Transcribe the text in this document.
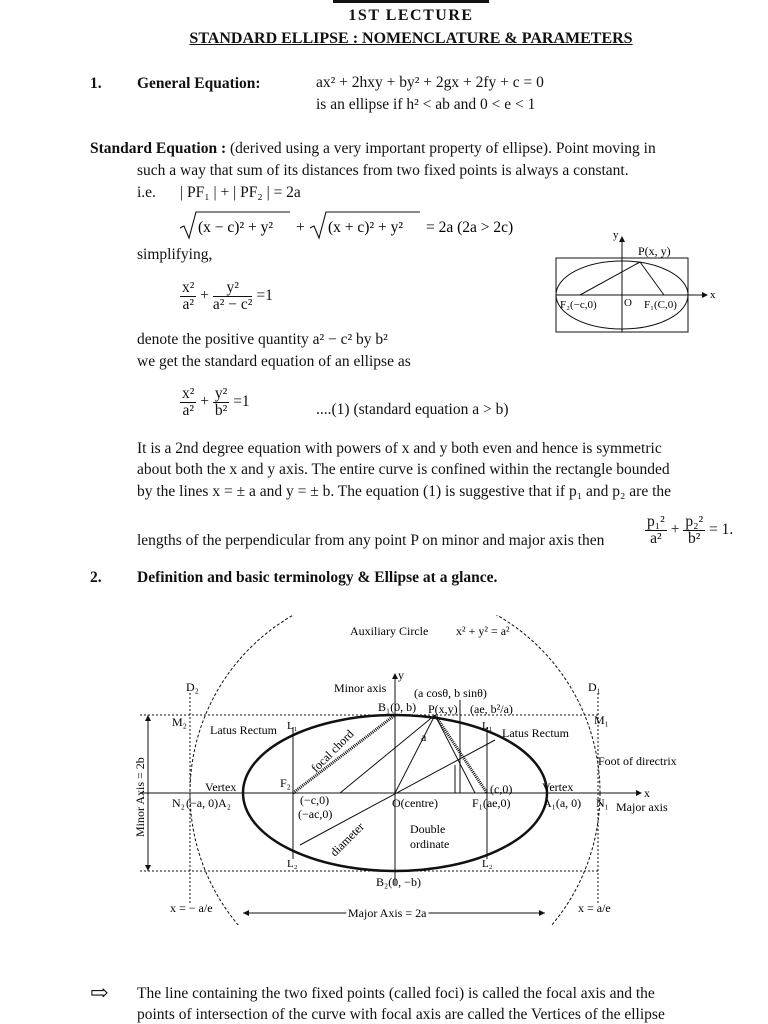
1ST LECTURE
STANDARD ELLIPSE : NOMENCLATURE & PARAMETERS
1. General Equation:	ax² + 2hxy + by² + 2gx + 2fy + c = 0
is an ellipse if h² < ab and 0 < e < 1
Standard Equation : (derived using a very important property of ellipse). Point moving in
such a way that sum of its distances from two fixed points is always a constant.
i.e. | PF₁ | + | PF₂ | = 2a
(x − c)² + y² + (x + c)² + y² = 2a (2a > 2c)
simplifying,
$\frac{\text{x²}}{\text{a²}} + \frac{\text{y²}}{\text{a² − c²}} =1$
denote the positive quantity a² − c² by b²
we get the standard equation of an ellipse as
$\frac{\text{x²}}{\text{a²}} + \frac{\text{y²}}{\text{b²}} =1$	....(1) (standard equation a > b)
It is a 2nd degree equation with powers of x and y both even and hence is symmetric
about both the x and y axis. The entire curve is confined within the rectangle bounded
by the lines x = ± a and y = ± b. The equation (1) is suggestive that if p₁ and p₂ are the
lengths of the perpendicular from any point P on minor and major axis then	$\frac{\text{p₁²}}{\text{a²}} + \frac{\text{p₂²}}{\text{b²}} = 1$.
y
x
P(x, y)
F₂(−c,0) O F₁(C,0)
2. Definition and basic terminology & Ellipse at a glance.
Auxiliary Circle x² + y² = a²
y
Minor axis (a cosθ, b sinθ)
B₁(0, b) P(x,y) (ae, b²/a)
D₂	D₁
M₂	M₁
Latus Rectum	Latus Rectum
L₁	L₁
focal chord	a
Foot of directrix
Vertex	Vertex
F₂
(−c,0)
(−ac,0)
O(centre)
(c,0)
F₁(ae,0)
N₂ (−a, 0)A₂	A₁(a, 0) N₁ Major axis
x
Minor Axis = 2b
diameter	Double
ordinate
L₂	L₂
B₂(0, −b)
x = − a/e	x = a/e
Major Axis = 2a
⇨ The line containing the two fixed points (called foci) is called the focal axis and the
points of intersection of the curve with focal axis are called the Vertices of the ellipse
